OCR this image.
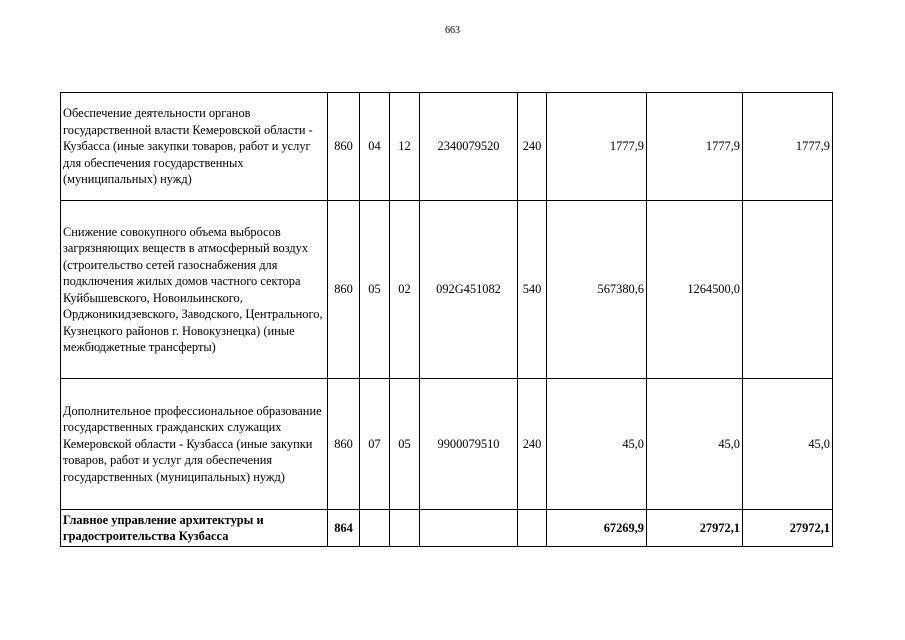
663
Обеспечение деятельности органов государственной власти Кемеровской области - Кузбасса (иные закупки товаров, работ и услуг для обеспечения государственных (муниципальных) нужд)	860	04	12	2340079520	240	1777,9	1777,9	1777,9
Снижение совокупного объема выбросов загрязняющих веществ в атмосферный воздух (строительство сетей газоснабжения для подключения жилых домов частного сектора Куйбышевского, Новоильинского, Орджоникидзевского, Заводского, Центрального, Кузнецкого районов г. Новокузнецка) (иные межбюджетные трансферты)	860	05	02	092G451082	540	567380,6	1264500,0	
Дополнительное профессиональное образование государственных гражданских служащих Кемеровской области - Кузбасса (иные закупки товаров, работ и услуг для обеспечения государственных (муниципальных) нужд)	860	07	05	9900079510	240	45,0	45,0	45,0
Главное управление архитектуры и градостроительства Кузбасса	864					67269,9	27972,1	27972,1
